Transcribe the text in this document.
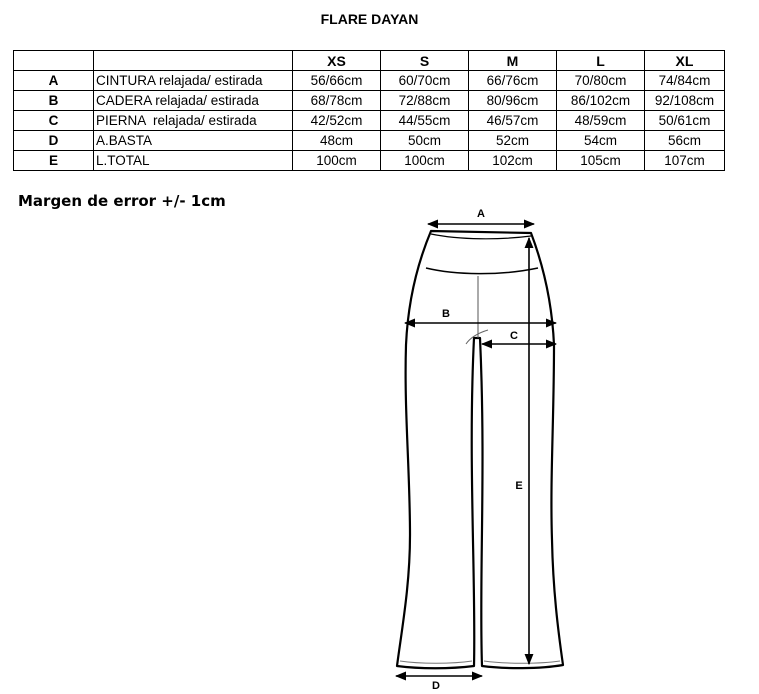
FLARE DAYAN
		XS	S	M	L	XL
A	CINTURA relajada/ estirada	56/66cm	60/70cm	66/76cm	70/80cm	74/84cm
B	CADERA relajada/ estirada	68/78cm	72/88cm	80/96cm	86/102cm	92/108cm
C	PIERNA  relajada/ estirada	42/52cm	44/55cm	46/57cm	48/59cm	50/61cm
D	A.BASTA	48cm	50cm	52cm	54cm	56cm
E	L.TOTAL	100cm	100cm	102cm	105cm	107cm
Margen de error +/- 1cm
A
B
C
E
D
